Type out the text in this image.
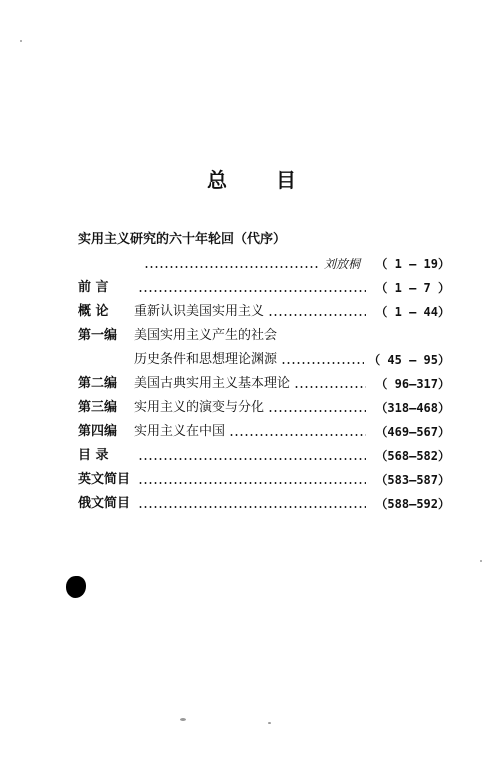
总 目
实用主义研究的六十年轮回（代序）
刘放桐	（ 1 — 19）
前 言	（ 1 — 7 ）
概 论	重新认识美国实用主义	（ 1 — 44）
第一编	美国实用主义产生的社会
历史条件和思想理论渊源	（ 45 — 95）
第二编	美国古典实用主义基本理论	（ 96—317）
第三编	实用主义的演变与分化	（318—468）
第四编	实用主义在中国	（469—567）
目 录	（568—582）
英文简目	（583—587）
俄文简目	（588—592）
